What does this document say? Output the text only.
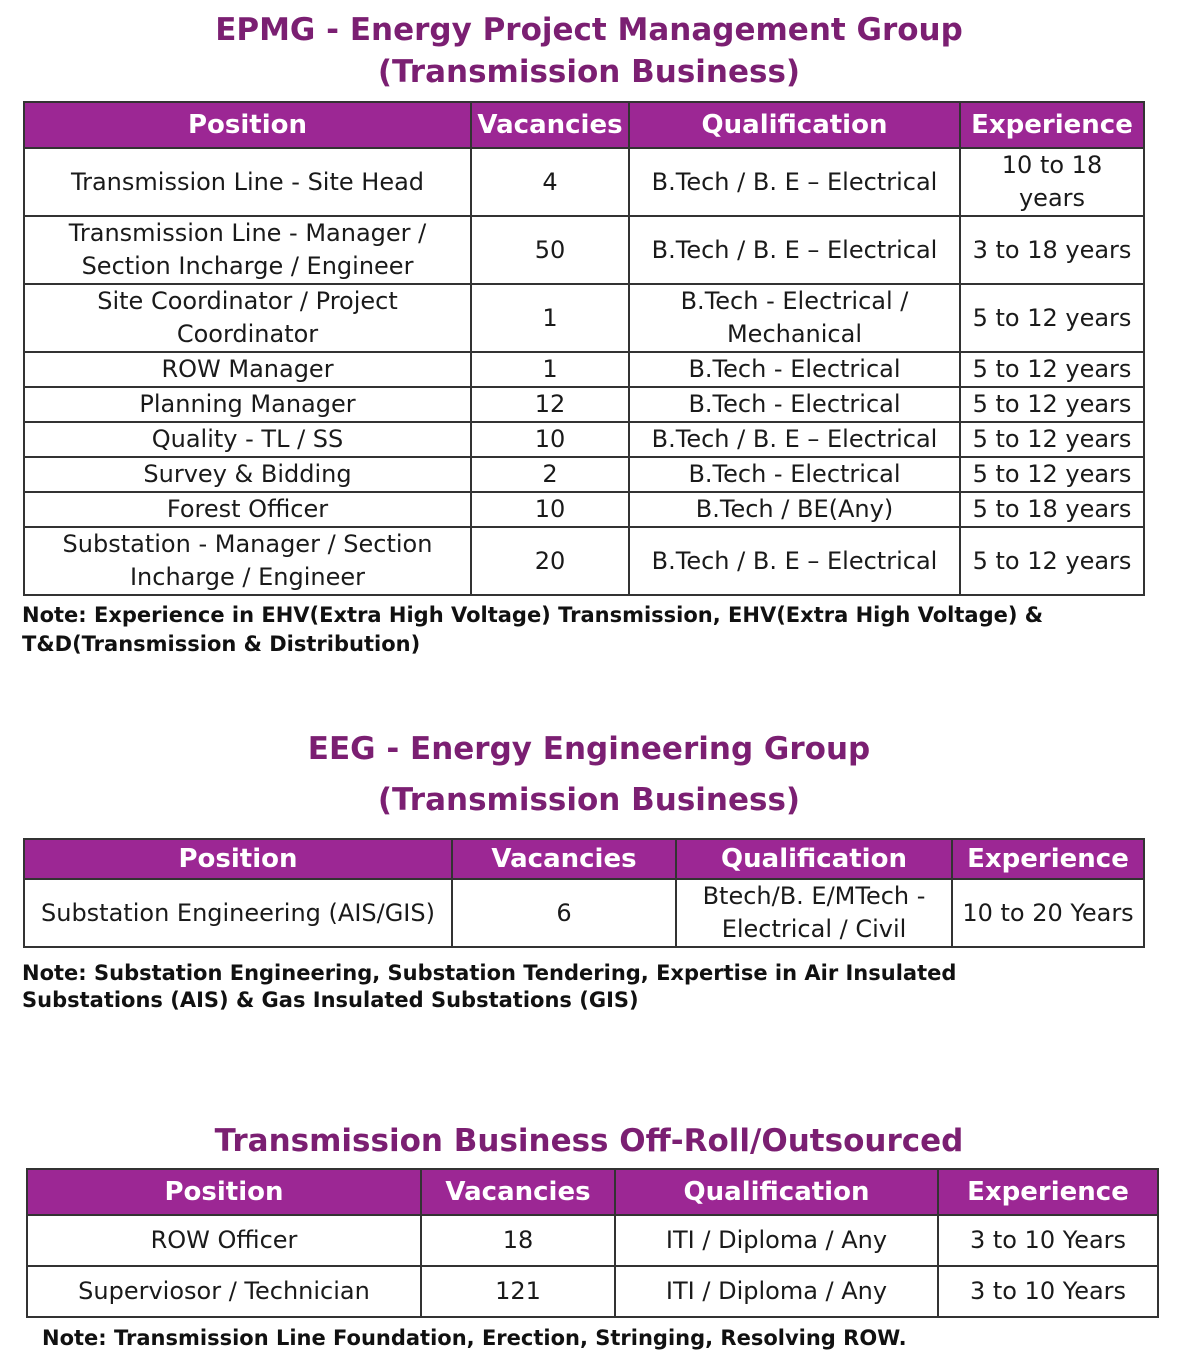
EPMG - Energy Project Management Group
(Transmission Business)
Position	Vacancies	Qualification	Experience
Transmission Line - Site Head	4	B.Tech / B. E – Electrical	10 to 18 years
Transmission Line - Manager / Section Incharge / Engineer	50	B.Tech / B. E – Electrical	3 to 18 years
Site Coordinator / Project Coordinator	1	B.Tech - Electrical / Mechanical	5 to 12 years
ROW Manager	1	B.Tech - Electrical	5 to 12 years
Planning Manager	12	B.Tech - Electrical	5 to 12 years
Quality - TL / SS	10	B.Tech / B. E – Electrical	5 to 12 years
Survey & Bidding	2	B.Tech - Electrical	5 to 12 years
Forest Officer	10	B.Tech / BE(Any)	5 to 18 years
Substation - Manager / Section Incharge / Engineer	20	B.Tech / B. E – Electrical	5 to 12 years

Note: Experience in EHV(Extra High Voltage) Transmission, EHV(Extra High Voltage) & T&D(Transmission & Distribution)

EEG - Energy Engineering Group
(Transmission Business)
Position	Vacancies	Qualification	Experience
Substation Engineering (AIS/GIS)	6	Btech/B. E/MTech - Electrical / Civil	10 to 20 Years

Note: Substation Engineering, Substation Tendering, Expertise in Air Insulated Substations (AIS) & Gas Insulated Substations (GIS)

Transmission Business Off-Roll/Outsourced
Position	Vacancies	Qualification	Experience
ROW Officer	18	ITI / Diploma / Any	3 to 10 Years
Superviosor / Technician	121	ITI / Diploma / Any	3 to 10 Years

Note: Transmission Line Foundation, Erection, Stringing, Resolving ROW.
